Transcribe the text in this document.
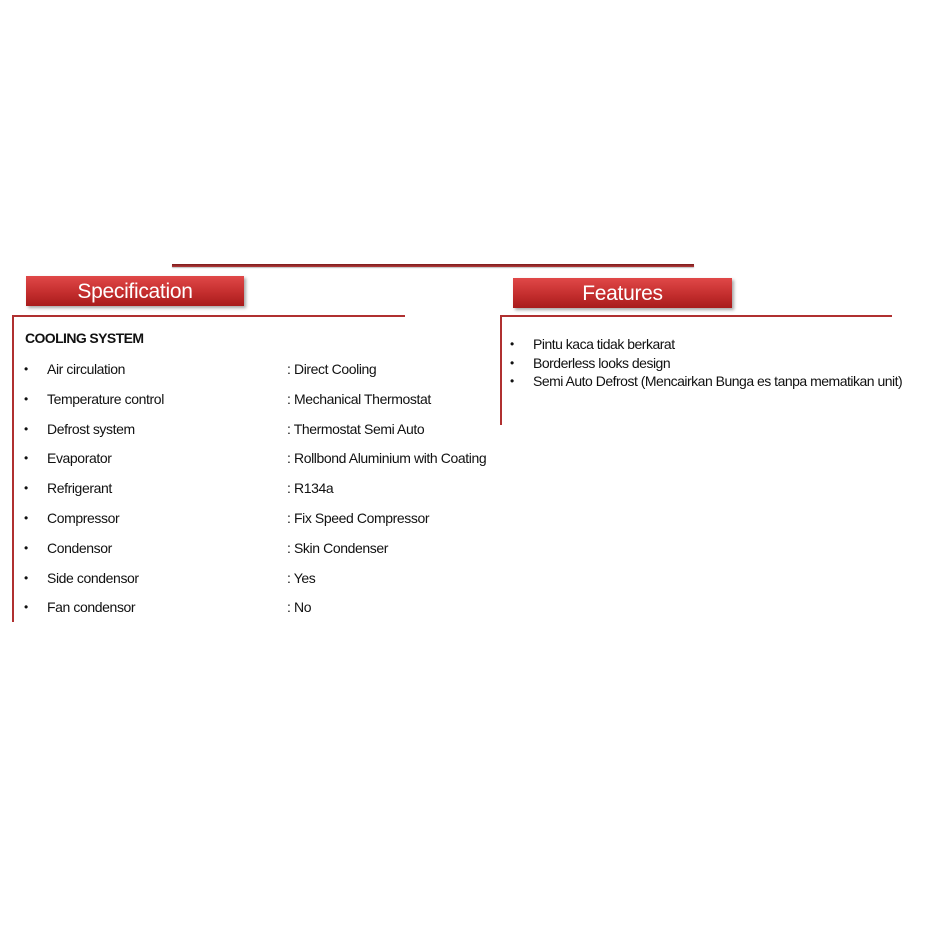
Specification
COOLING SYSTEM
• Air circulation	: Direct Cooling
• Temperature control	: Mechanical Thermostat
• Defrost system	: Thermostat Semi Auto
• Evaporator	: Rollbond Aluminium with Coating
• Refrigerant	: R134a
• Compressor	: Fix Speed Compressor
• Condensor	: Skin Condenser
• Side condensor	: Yes
• Fan condensor	: No
Features
• Pintu kaca tidak berkarat
• Borderless looks design
• Semi Auto Defrost (Mencairkan Bunga es tanpa mematikan unit)
